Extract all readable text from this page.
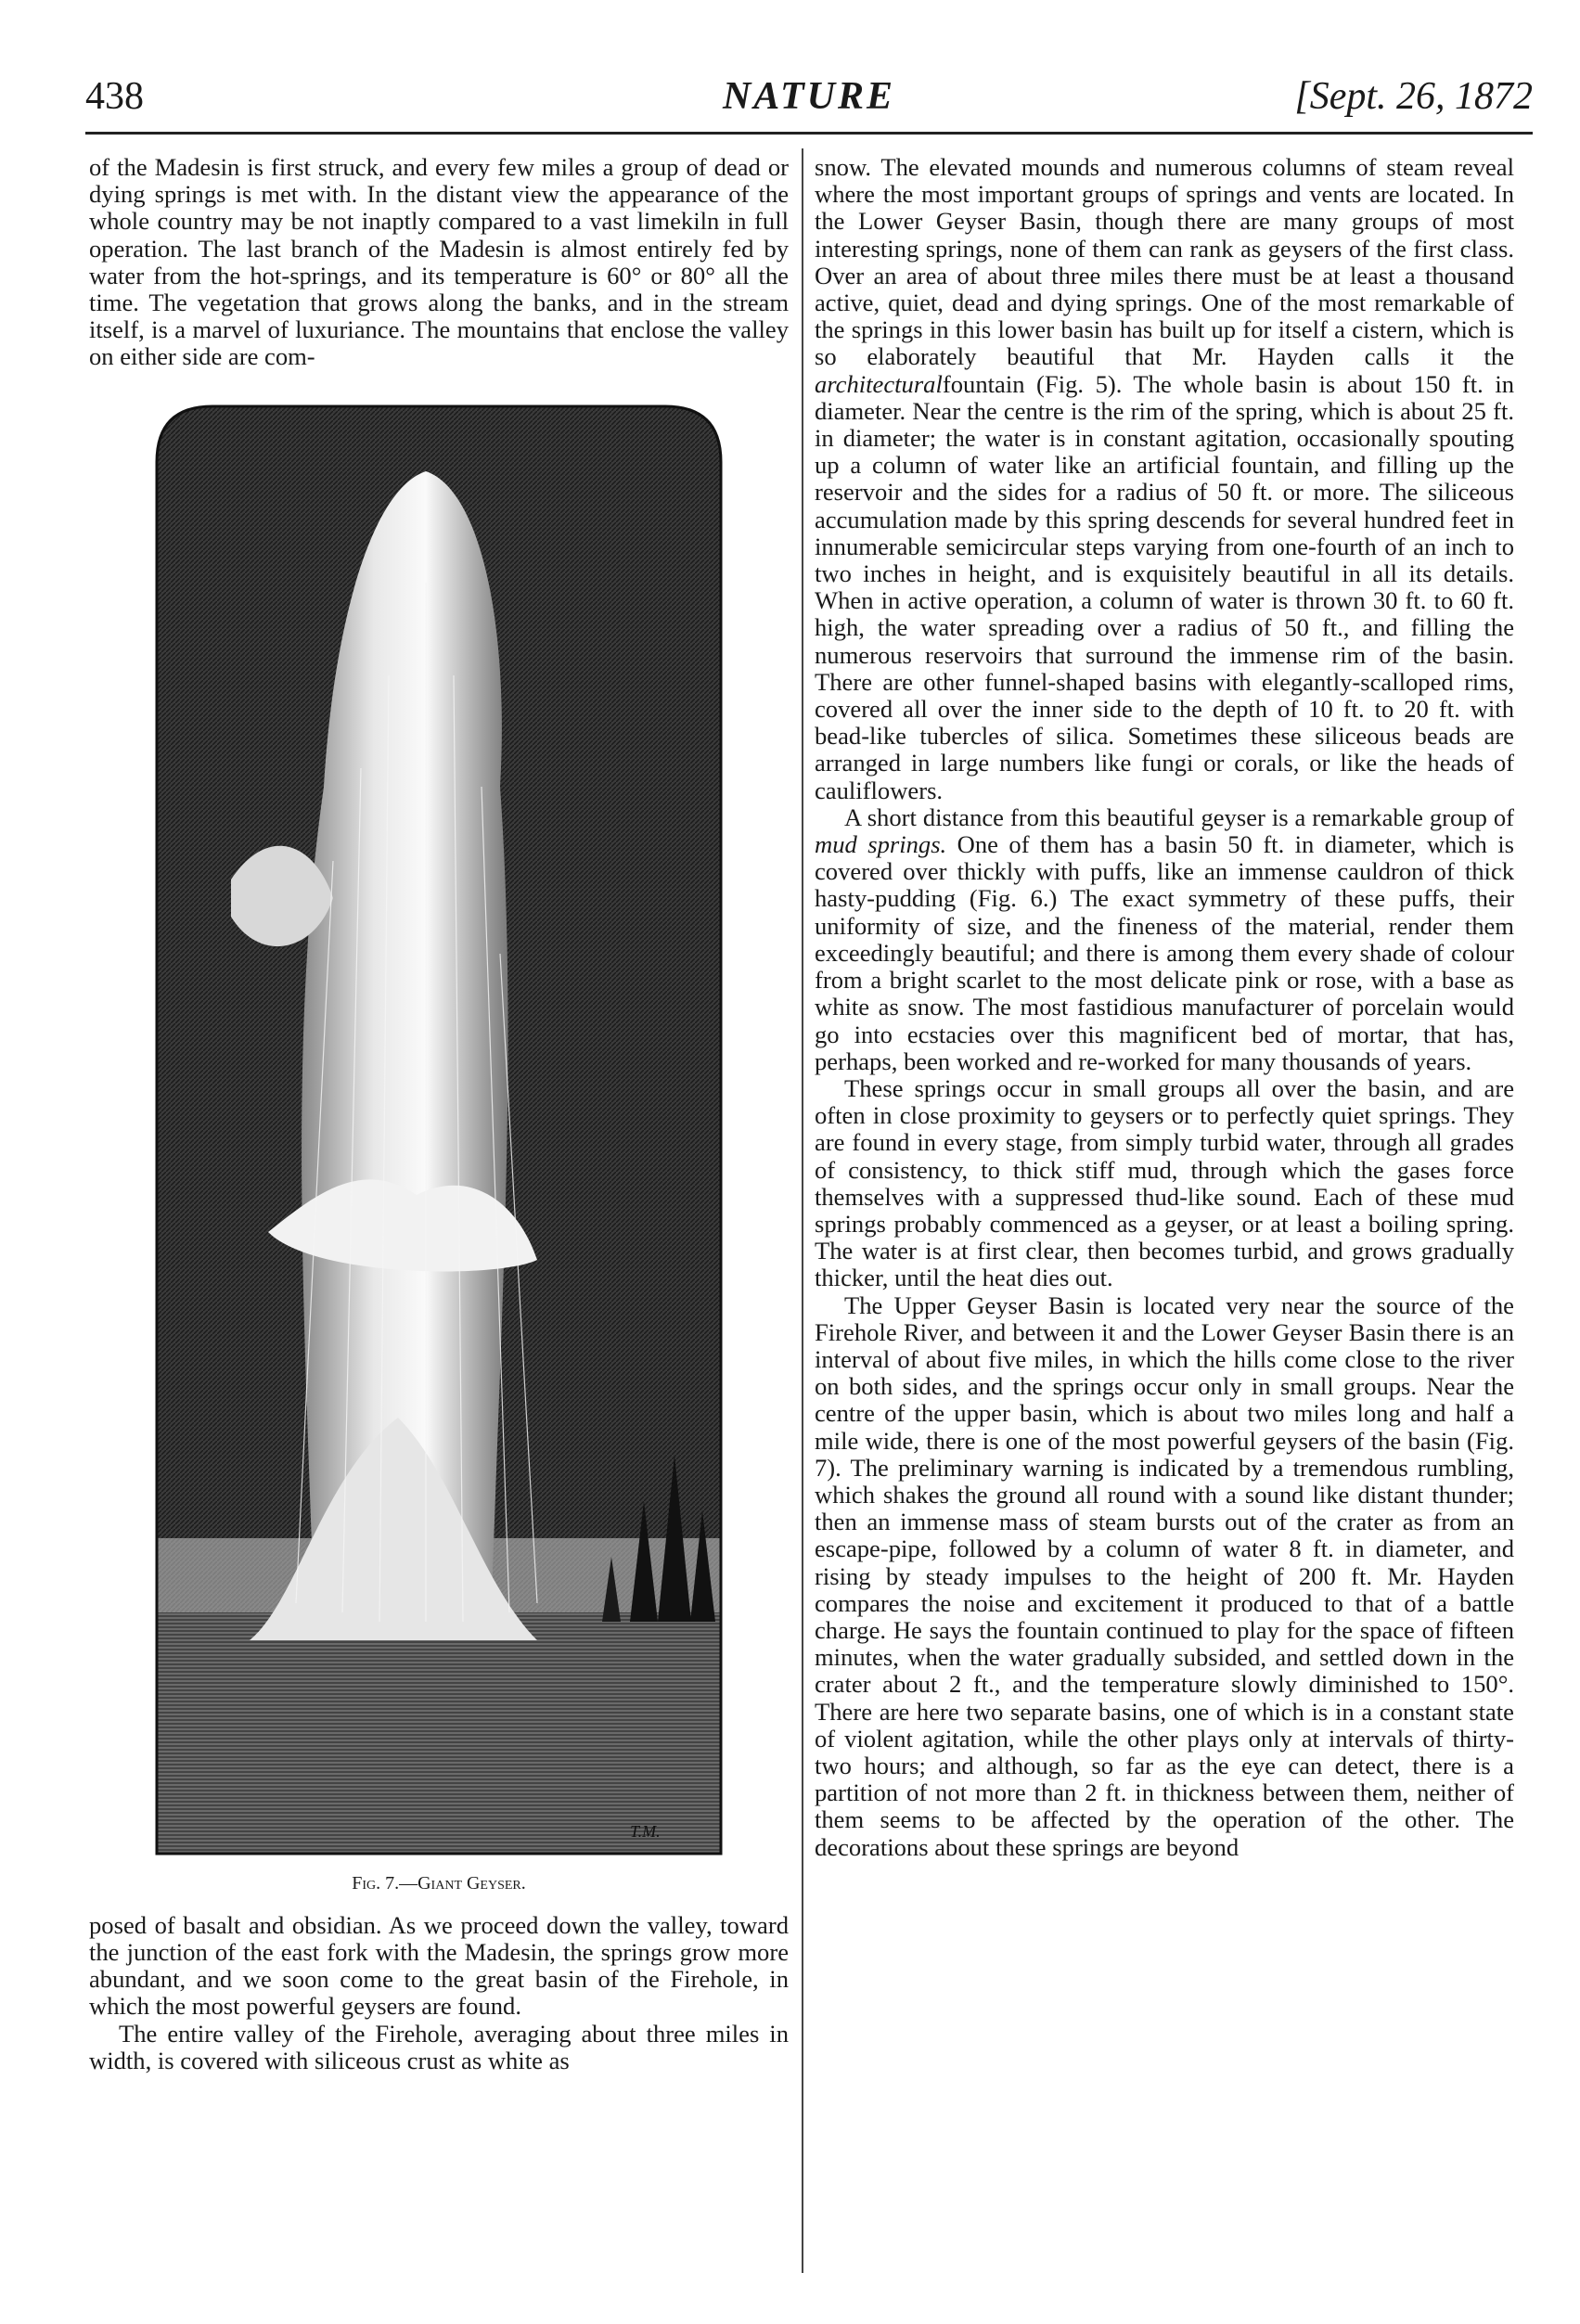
438	NATURE	[Sept. 26, 1872

of the Madesin is first struck, and every few miles a group of dead or dying springs is met with. In the distant view the appearance of the whole country may be not inaptly compared to a vast limekiln in full operation. The last branch of the Madesin is almost entirely fed by water from the hot-springs, and its temperature is 60° or 80° all the time. The vegetation that grows along the banks, and in the stream itself, is a marvel of luxuriance. The mountains that enclose the valley on either side are com-

T.M.
Fig. 7.—Giant Geyser.

posed of basalt and obsidian. As we proceed down the valley, toward the junction of the east fork with the Madesin, the springs grow more abundant, and we soon come to the great basin of the Firehole, in which the most powerful geysers are found.

The entire valley of the Firehole, averaging about three miles in width, is covered with siliceous crust as white as

snow. The elevated mounds and numerous columns of steam reveal where the most important groups of springs and vents are located. In the Lower Geyser Basin, though there are many groups of most interesting springs, none of them can rank as geysers of the first class. Over an area of about three miles there must be at least a thousand active, quiet, dead and dying springs. One of the most remarkable of the springs in this lower basin has built up for itself a cistern, which is so elaborately beautiful that Mr. Hayden calls it the architecturalfountain (Fig. 5). The whole basin is about 150 ft. in diameter. Near the centre is the rim of the spring, which is about 25 ft. in diameter; the water is in constant agitation, occasionally spouting up a column of water like an artificial fountain, and filling up the reservoir and the sides for a radius of 50 ft. or more. The siliceous accumulation made by this spring descends for several hundred feet in innumerable semicircular steps varying from one-fourth of an inch to two inches in height, and is exquisitely beautiful in all its details. When in active operation, a column of water is thrown 30 ft. to 60 ft. high, the water spreading over a radius of 50 ft., and filling the numerous reservoirs that surround the immense rim of the basin. There are other funnel-shaped basins with elegantly-scalloped rims, covered all over the inner side to the depth of 10 ft. to 20 ft. with bead-like tubercles of silica. Sometimes these siliceous beads are arranged in large numbers like fungi or corals, or like the heads of cauliflowers.

A short distance from this beautiful geyser is a remarkable group of mud springs. One of them has a basin 50 ft. in diameter, which is covered over thickly with puffs, like an immense cauldron of thick hasty-pudding (Fig. 6.) The exact symmetry of these puffs, their uniformity of size, and the fineness of the material, render them exceedingly beautiful; and there is among them every shade of colour from a bright scarlet to the most delicate pink or rose, with a base as white as snow. The most fastidious manufacturer of porcelain would go into ecstacies over this magnificent bed of mortar, that has, perhaps, been worked and re-worked for many thousands of years.

These springs occur in small groups all over the basin, and are often in close proximity to geysers or to perfectly quiet springs. They are found in every stage, from simply turbid water, through all grades of consistency, to thick stiff mud, through which the gases force themselves with a suppressed thud-like sound. Each of these mud springs probably commenced as a geyser, or at least a boiling spring. The water is at first clear, then becomes turbid, and grows gradually thicker, until the heat dies out.

The Upper Geyser Basin is located very near the source of the Firehole River, and between it and the Lower Geyser Basin there is an interval of about five miles, in which the hills come close to the river on both sides, and the springs occur only in small groups. Near the centre of the upper basin, which is about two miles long and half a mile wide, there is one of the most powerful geysers of the basin (Fig. 7). The preliminary warning is indicated by a tremendous rumbling, which shakes the ground all round with a sound like distant thunder; then an immense mass of steam bursts out of the crater as from an escape-pipe, followed by a column of water 8 ft. in diameter, and rising by steady impulses to the height of 200 ft. Mr. Hayden compares the noise and excitement it produced to that of a battle charge. He says the fountain continued to play for the space of fifteen minutes, when the water gradually subsided, and settled down in the crater about 2 ft., and the temperature slowly diminished to 150°. There are here two separate basins, one of which is in a constant state of violent agitation, while the other plays only at intervals of thirty-two hours; and although, so far as the eye can detect, there is a partition of not more than 2 ft. in thickness between them, neither of them seems to be affected by the operation of the other. The decorations about these springs are beyond
